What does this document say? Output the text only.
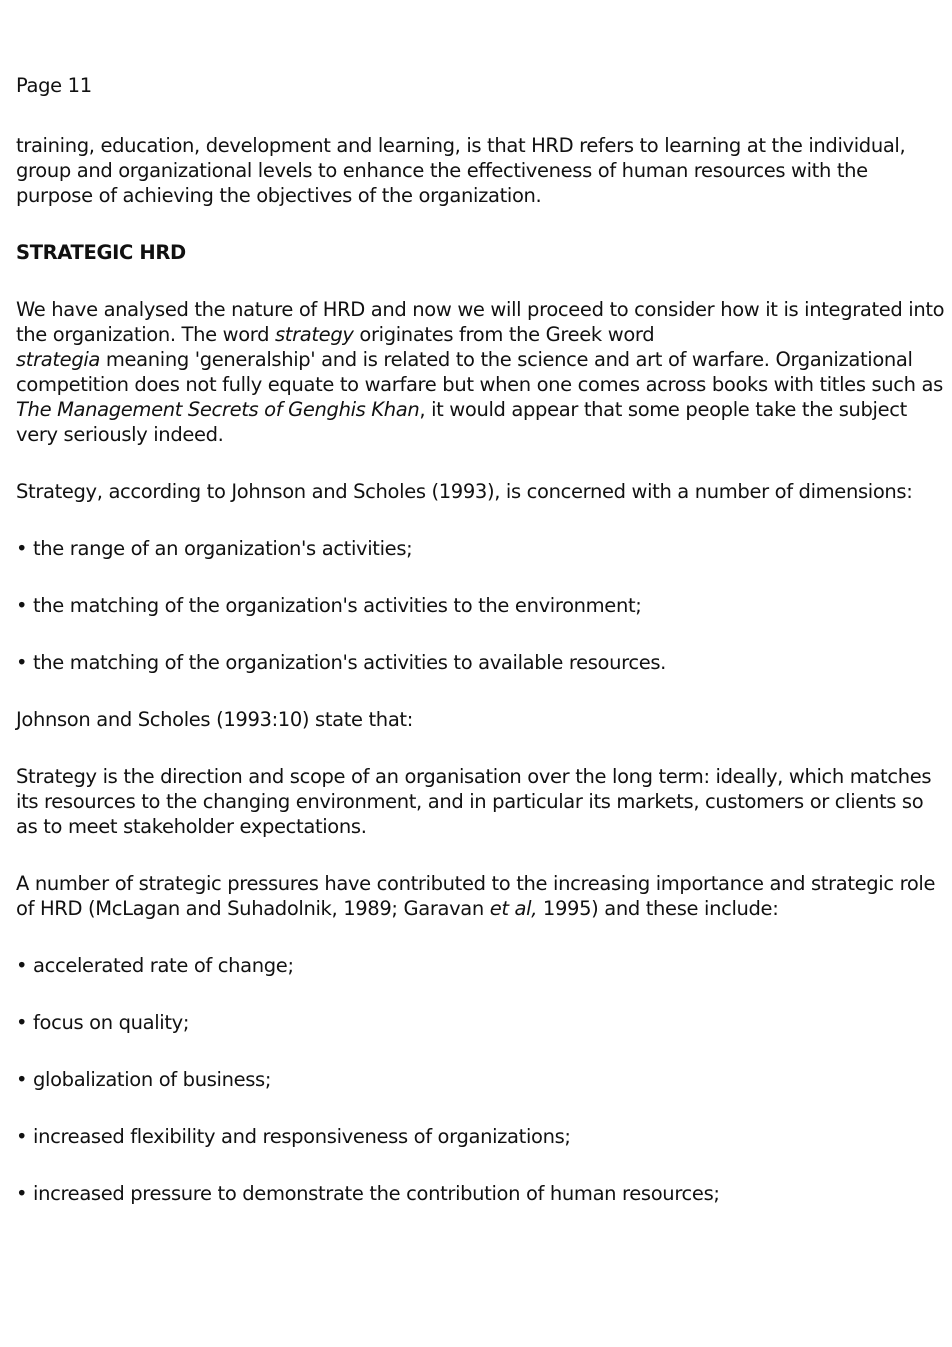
Page 11

training, education, development and learning, is that HRD refers to learning at the individual, group and organizational levels to enhance the effectiveness of human resources with the purpose of achieving the objectives of the organization.

STRATEGIC HRD

We have analysed the nature of HRD and now we will proceed to consider how it is integrated into the organization. The word strategy originates from the Greek word
strategia meaning 'generalship' and is related to the science and art of warfare. Organizational competition does not fully equate to warfare but when one comes across books with titles such as The Management Secrets of Genghis Khan, it would appear that some people take the subject very seriously indeed.

Strategy, according to Johnson and Scholes (1993), is concerned with a number of dimensions:

• the range of an organization's activities;

• the matching of the organization's activities to the environment;

• the matching of the organization's activities to available resources.

Johnson and Scholes (1993:10) state that:

Strategy is the direction and scope of an organisation over the long term: ideally, which matches its resources to the changing environment, and in particular its markets, customers or clients so as to meet stakeholder expectations.

A number of strategic pressures have contributed to the increasing importance and strategic role of HRD (McLagan and Suhadolnik, 1989; Garavan et al, 1995) and these include:

• accelerated rate of change;

• focus on quality;

• globalization of business;

• increased flexibility and responsiveness of organizations;

• increased pressure to demonstrate the contribution of human resources;
